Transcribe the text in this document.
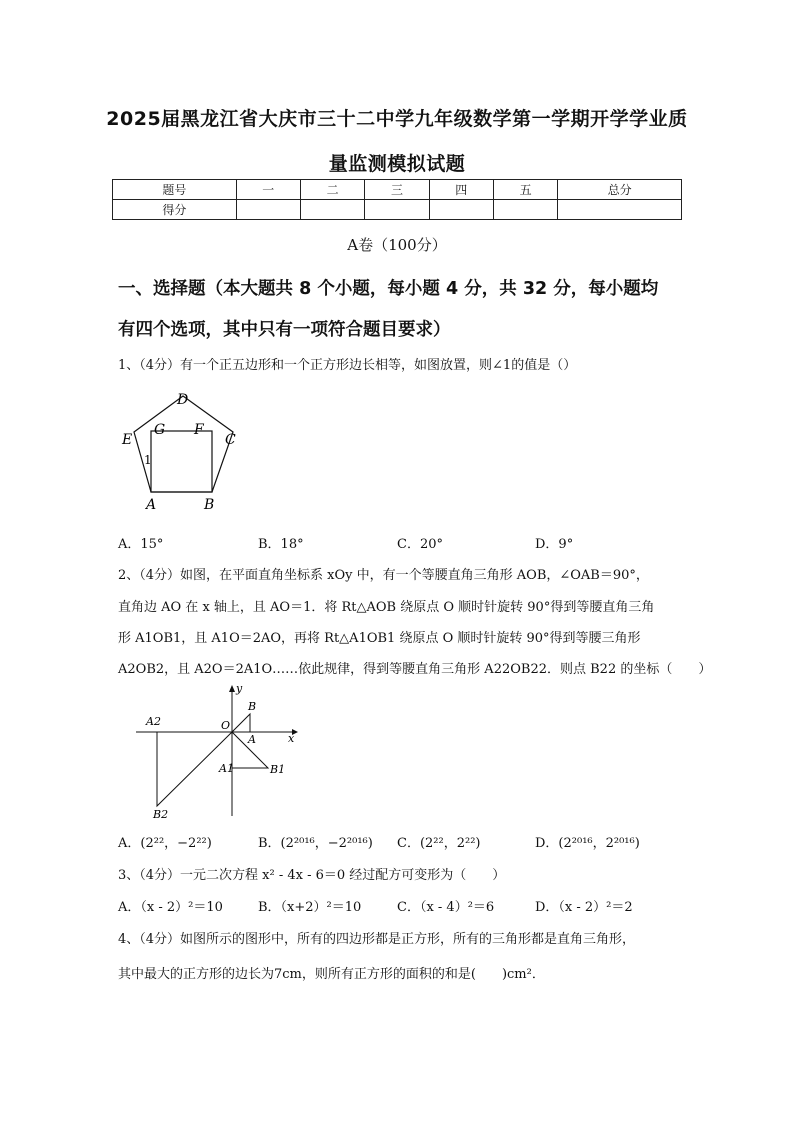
2025届黑龙江省大庆市三十二中学九年级数学第一学期开学学业质
量监测模拟试题
题号	一	二	三	四	五	总分
得分						
A卷（100分）
一、选择题（本大题共 8 个小题，每小题 4 分，共 32 分，每小题均
有四个选项，其中只有一项符合题目要求）
1、（4分）有一个正五边形和一个正方形边长相等，如图放置，则∠1的值是（）
D
E
G F
C
1
A	B
A．15°	B．18°	C．20°	D．9°
2、（4分）如图，在平面直角坐标系 xOy 中，有一个等腰直角三角形 AOB，∠OAB＝90°，
直角边 AO 在 x 轴上，且 AO＝1．将 Rt△AOB 绕原点 O 顺时针旋转 90°得到等腰直角三角
形 A1OB1，且 A1O＝2AO，再将 Rt△A1OB1 绕原点 O 顺时针旋转 90°得到等腰三角形
A2OB2，且 A2O＝2A1O……依此规律，得到等腰直角三角形 A22OB22．则点 B22 的坐标（　　）
y
A2	O
B
A	x
A1	B1
B2
A．(2²²，−2²²)	B．(2²⁰¹⁶，−2²⁰¹⁶) C．(2²²，2²²)	D．(2²⁰¹⁶，2²⁰¹⁶)
3、（4分）一元二次方程 x² - 4x - 6＝0 经过配方可变形为（　　）
A．（x - 2）²＝10	B．（x+2）²＝10	C．（x - 4）²＝6	D．（x - 2）²＝2
4、（4分）如图所示的图形中，所有的四边形都是正方形，所有的三角形都是直角三角形，
其中最大的正方形的边长为7cm，则所有正方形的面积的和是(　　)cm²．
